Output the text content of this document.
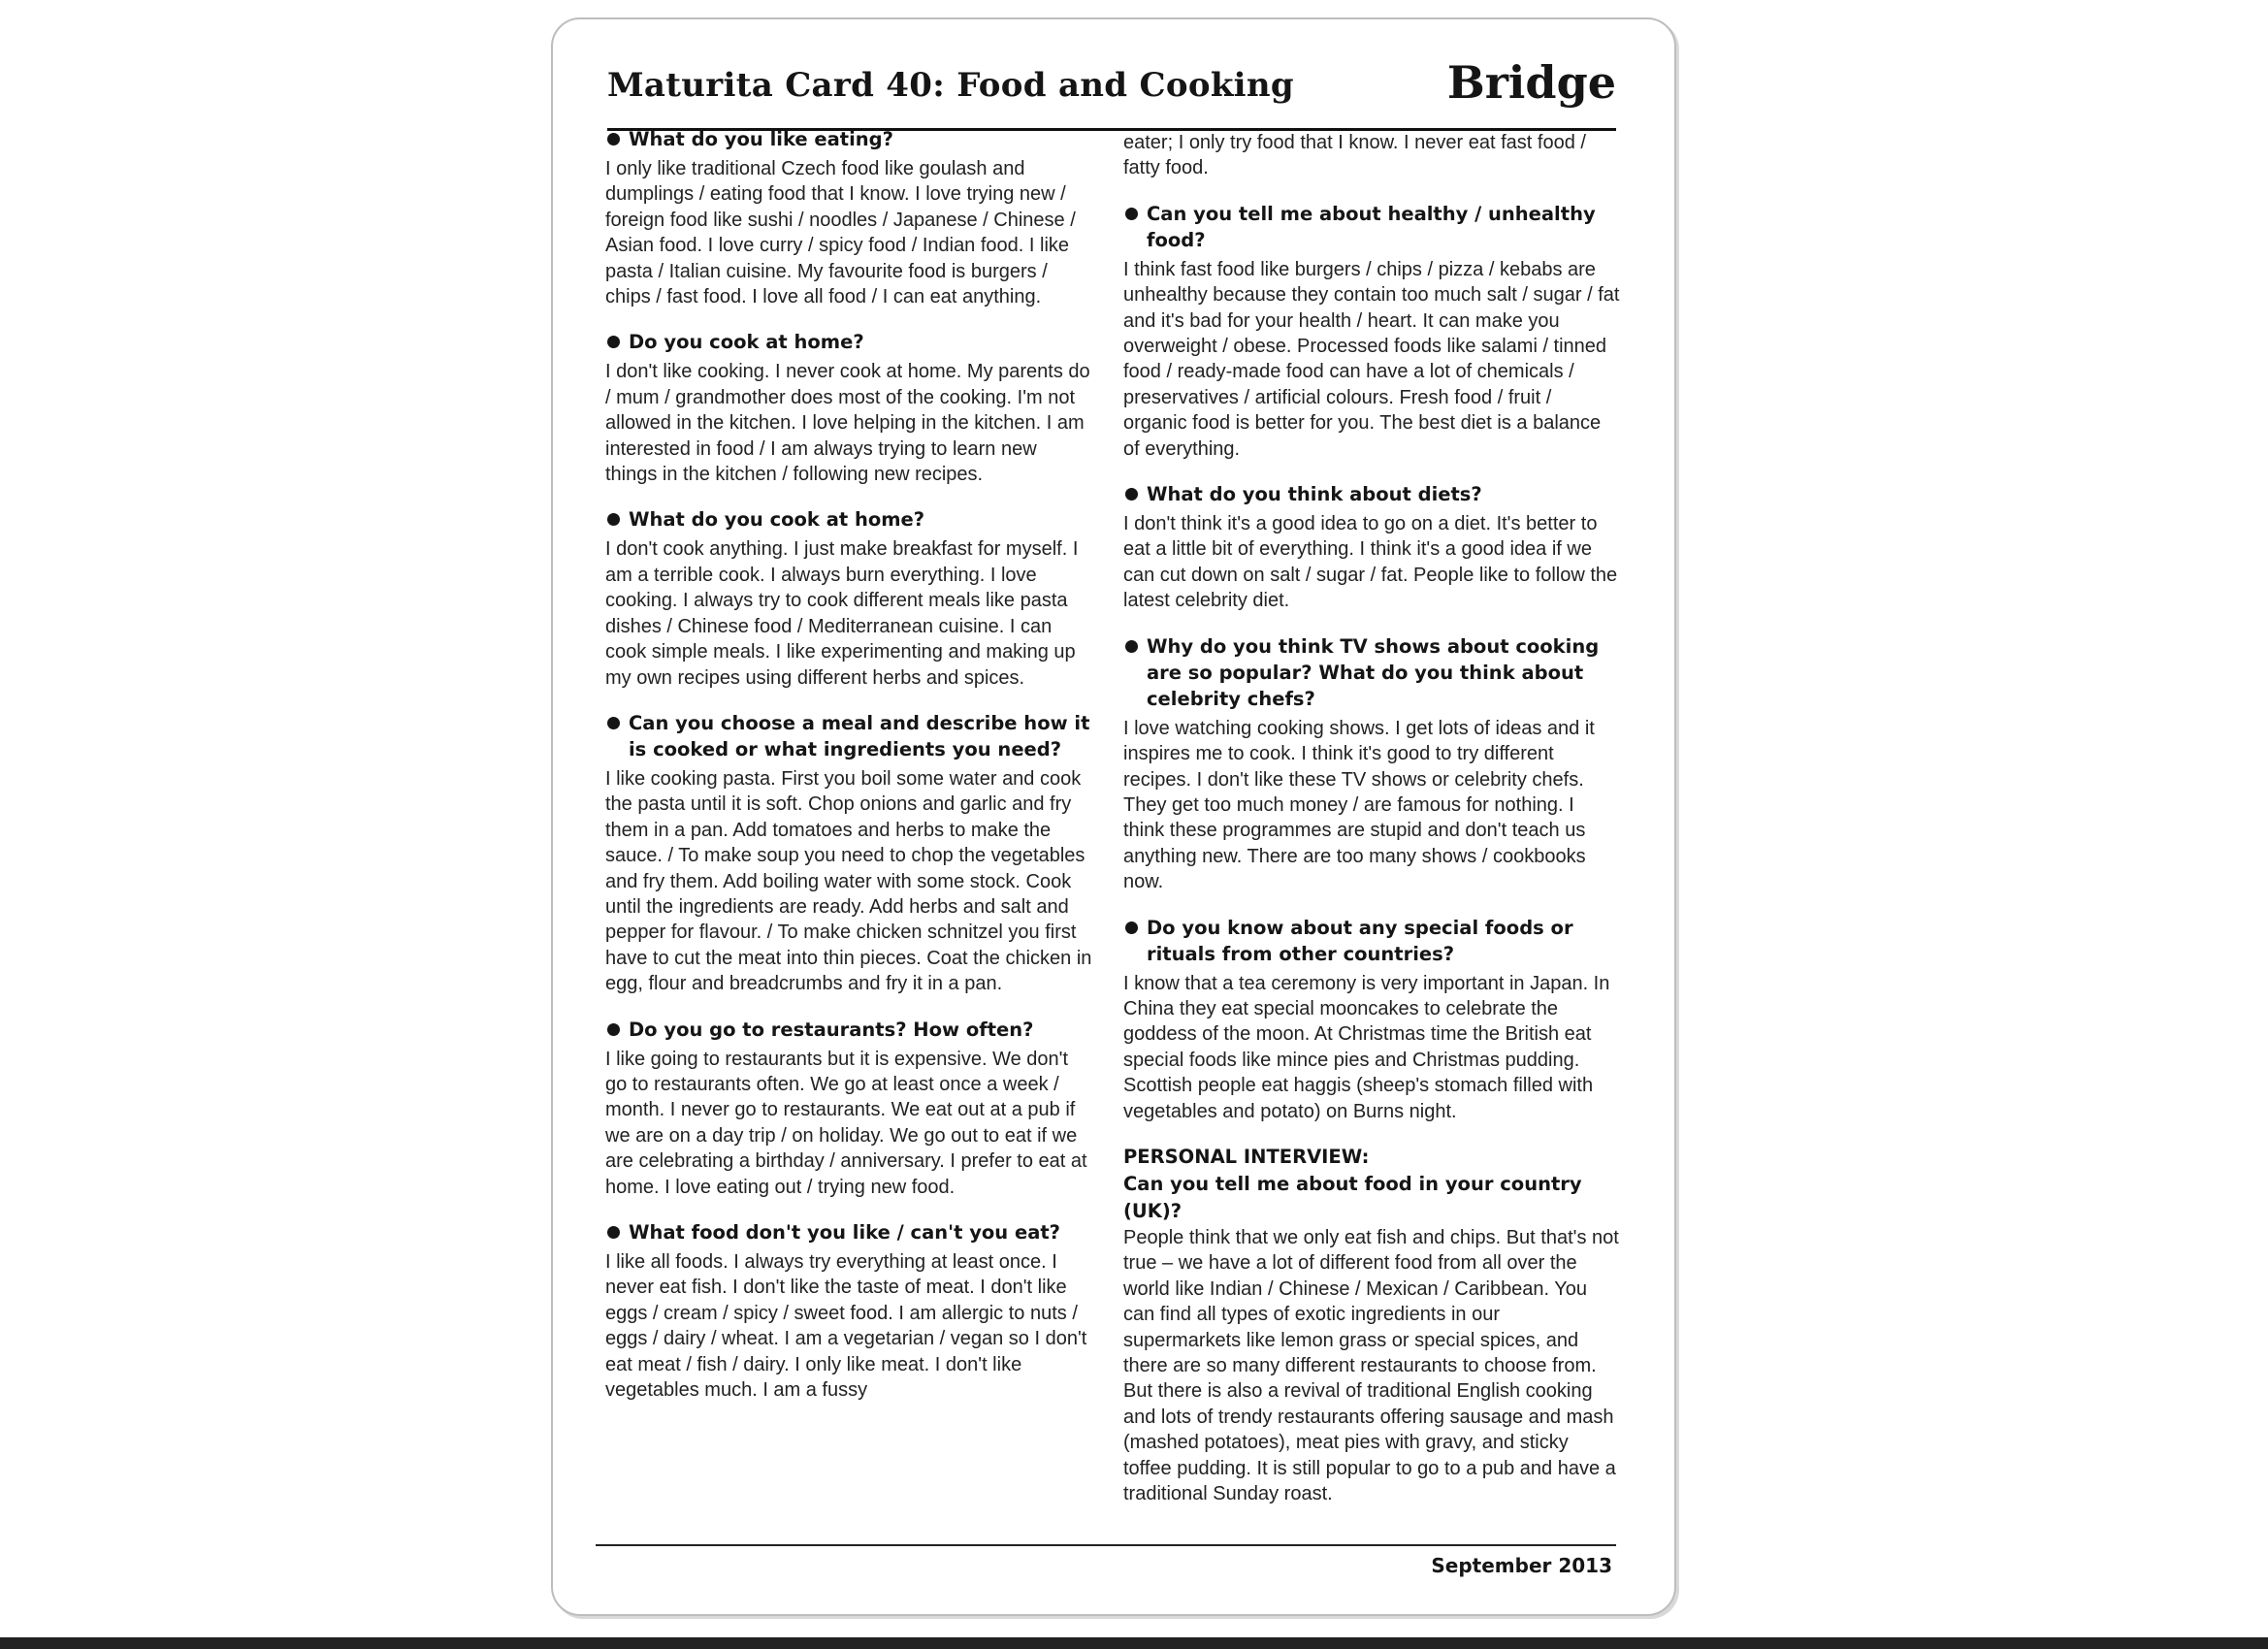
Maturita Card 40: Food and Cooking	Bridge
What do you like eating?
I only like traditional Czech food like goulash and dumplings / eating food that I know. I love trying new / foreign food like sushi / noodles / Japanese / Chinese / Asian food. I love curry / spicy food / Indian food. I like pasta / Italian cuisine. My favourite food is burgers / chips / fast food. I love all food / I can eat anything.
Do you cook at home?
I don't like cooking. I never cook at home. My parents do / mum / grandmother does most of the cooking. I'm not allowed in the kitchen. I love helping in the kitchen. I am interested in food / I am always trying to learn new things in the kitchen / following new recipes.
What do you cook at home?
I don't cook anything. I just make breakfast for myself. I am a terrible cook. I always burn everything. I love cooking. I always try to cook different meals like pasta dishes / Chinese food / Mediterranean cuisine. I can cook simple meals. I like experimenting and making up my own recipes using different herbs and spices.
Can you choose a meal and describe how it is cooked or what ingredients you need?
I like cooking pasta. First you boil some water and cook the pasta until it is soft. Chop onions and garlic and fry them in a pan. Add tomatoes and herbs to make the sauce. / To make soup you need to chop the vegetables and fry them. Add boiling water with some stock. Cook until the ingredients are ready. Add herbs and salt and pepper for flavour. / To make chicken schnitzel you first have to cut the meat into thin pieces. Coat the chicken in egg, flour and breadcrumbs and fry it in a pan.
Do you go to restaurants? How often?
I like going to restaurants but it is expensive. We don't go to restaurants often. We go at least once a week / month. I never go to restaurants. We eat out at a pub if we are on a day trip / on holiday. We go out to eat if we are celebrating a birthday / anniversary. I prefer to eat at home. I love eating out / trying new food.
What food don't you like / can't you eat?
I like all foods. I always try everything at least once. I never eat fish. I don't like the taste of meat. I don't like eggs / cream / spicy / sweet food. I am allergic to nuts / eggs / dairy / wheat. I am a vegetarian / vegan so I don't eat meat / fish / dairy. I only like meat. I don't like vegetables much. I am a fussy
eater; I only try food that I know. I never eat fast food / fatty food.
Can you tell me about healthy / unhealthy food?
I think fast food like burgers / chips / pizza / kebabs are unhealthy because they contain too much salt / sugar / fat and it's bad for your health / heart. It can make you overweight / obese. Processed foods like salami / tinned food / ready-made food can have a lot of chemicals / preservatives / artificial colours. Fresh food / fruit / organic food is better for you. The best diet is a balance of everything.
What do you think about diets?
I don't think it's a good idea to go on a diet. It's better to eat a little bit of everything. I think it's a good idea if we can cut down on salt / sugar / fat. People like to follow the latest celebrity diet.
Why do you think TV shows about cooking are so popular? What do you think about celebrity chefs?
I love watching cooking shows. I get lots of ideas and it inspires me to cook. I think it's good to try different recipes. I don't like these TV shows or celebrity chefs. They get too much money / are famous for nothing. I think these programmes are stupid and don't teach us anything new. There are too many shows / cookbooks now.
Do you know about any special foods or rituals from other countries?
I know that a tea ceremony is very important in Japan. In China they eat special mooncakes to celebrate the goddess of the moon. At Christmas time the British eat special foods like mince pies and Christmas pudding. Scottish people eat haggis (sheep's stomach filled with vegetables and potato) on Burns night.
PERSONAL INTERVIEW:
Can you tell me about food in your country (UK)?
People think that we only eat fish and chips. But that's not true – we have a lot of different food from all over the world like Indian / Chinese / Mexican / Caribbean. You can find all types of exotic ingredients in our supermarkets like lemon grass or special spices, and there are so many different restaurants to choose from. But there is also a revival of traditional English cooking and lots of trendy restaurants offering sausage and mash (mashed potatoes), meat pies with gravy, and sticky toffee pudding. It is still popular to go to a pub and have a traditional Sunday roast.
September 2013
